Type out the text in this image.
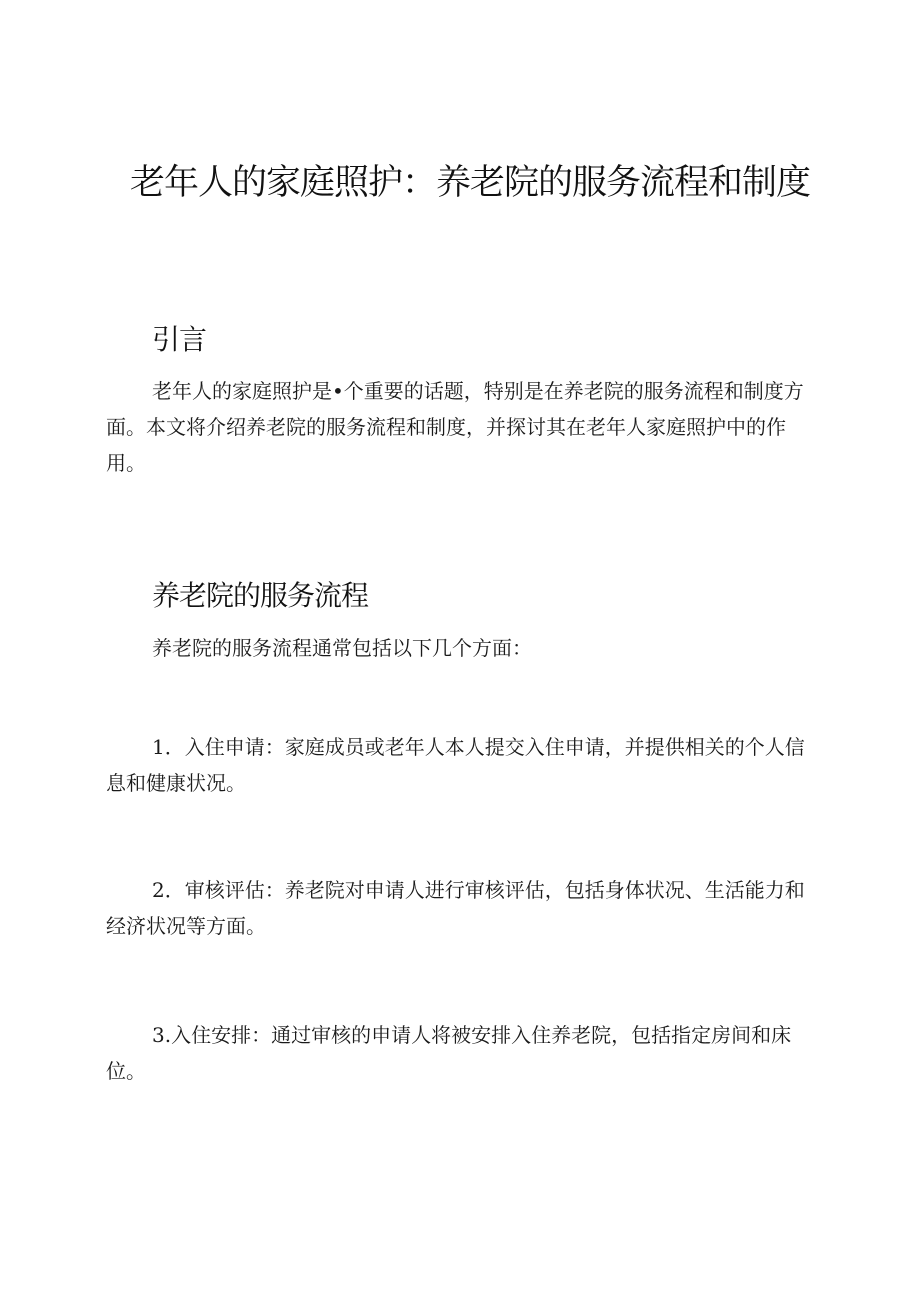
老年人的家庭照护：养老院的服务流程和制度
引言

老年人的家庭照护是•个重要的话题，特别是在养老院的服务流程和制度方面。本文将介绍养老院的服务流程和制度，并探讨其在老年人家庭照护中的作用。

养老院的服务流程

养老院的服务流程通常包括以下几个方面：

1．入住申请：家庭成员或老年人本人提交入住申请，并提供相关的个人信息和健康状况。

2．审核评估：养老院对申请人进行审核评估，包括身体状况、生活能力和经济状况等方面。

3.入住安排：通过审核的申请人将被安排入住养老院，包括指定房间和床位。
